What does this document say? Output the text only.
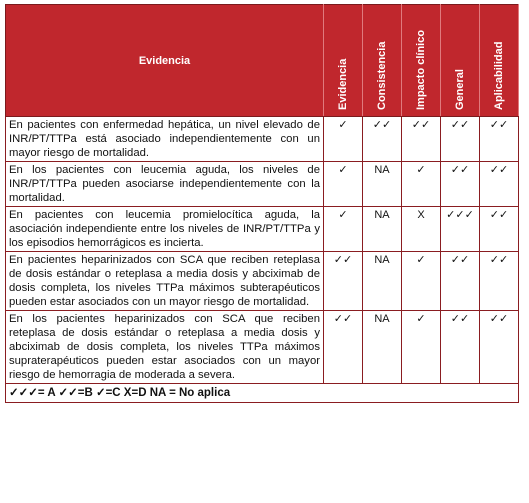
Evidencia	Evidencia	Consistencia	Impacto clínico	General	Aplicabilidad

En pacientes con enfermedad hepática, un nivel elevado de INR/PT/TTPa está asociado independientemente con un mayor riesgo de mortalidad.	✓	✓✓	✓✓	✓✓	✓✓
En los pacientes con leucemia aguda, los niveles de INR/PT/TTPa pueden asociarse independientemente con la mortalidad.	✓	NA	✓	✓✓	✓✓
En pacientes con leucemia promielocítica aguda, la asociación independiente entre los niveles de INR/PT/TTPa y los episodios hemorrágicos es incierta.	✓	NA	X	✓✓✓	✓✓
En pacientes heparinizados con SCA que reciben reteplasa de dosis estándar o reteplasa a media dosis y abciximab de dosis completa, los niveles TTPa máximos subterapéuticos pueden estar asociados con un mayor riesgo de mortalidad.	✓✓	NA	✓	✓✓	✓✓
En los pacientes heparinizados con SCA que reciben reteplasa de dosis estándar o reteplasa a media dosis y abciximab de dosis completa, los niveles TTPa máximos supraterapéuticos pueden estar asociados con un mayor riesgo de hemorragia de moderada a severa.	✓✓	NA	✓	✓✓	✓✓
✓✓✓= A ✓✓=B ✓=C X=D NA = No aplica					
